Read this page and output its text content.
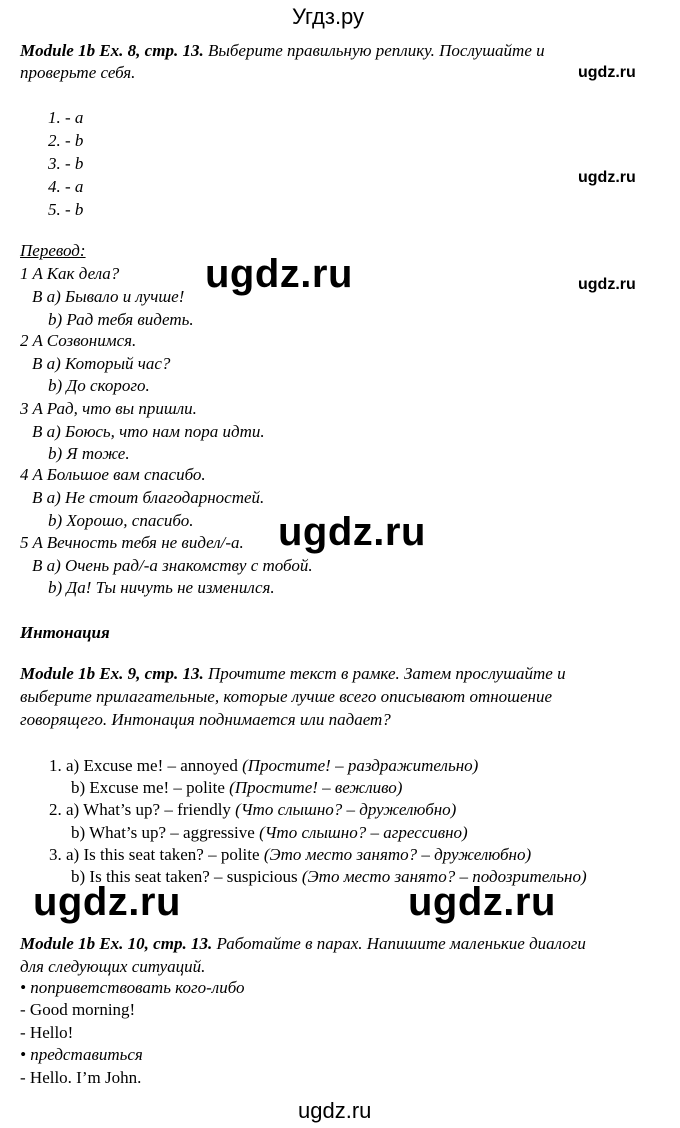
Угдз.ру
Module 1b Ex. 8, стр. 13. Выберите правильную реплику. Послушайте и
проверьте себя.
1. - a
2. - b
3. - b
4. - a
5. - b
Перевод:
1 A Как дела?
B a) Бывало и лучше!
b) Рад тебя видеть.
2 A Созвонимся.
B a) Который час?
b) До скорого.
3 A Рад, что вы пришли.
B a) Боюсь, что нам пора идти.
b) Я тоже.
4 A Большое вам спасибо.
B a) Не стоит благодарностей.
b) Хорошо, спасибо.
5 A Вечность тебя не видел/-а.
B a) Очень рад/-а знакомству с тобой.
b) Да! Ты ничуть не изменился.
Интонация
Module 1b Ex. 9, стр. 13. Прочтите текст в рамке. Затем прослушайте и
выберите прилагательные, которые лучше всего описывают отношение
говорящего. Интонация поднимается или падает?
1. a) Excuse me! – annoyed (Простите! – раздражительно)
b) Excuse me! – polite (Простите! – вежливо)
2. a) What’s up? – friendly (Что слышно? – дружелюбно)
b) What’s up? – aggressive (Что слышно? – агрессивно)
3. a) Is this seat taken? – polite (Это место занято? – дружелюбно)
b) Is this seat taken? – suspicious (Это место занято? – подозрительно)
Module 1b Ex. 10, стр. 13. Работайте в парах. Напишите маленькие диалоги
для следующих ситуаций.
• поприветствовать кого-либо
- Good morning!
- Hello!
• представиться
- Hello. I’m John.
ugdz.ru
ugdz.ru
ugdz.ru
ugdz.ru
ugdz.ru
ugdz.ru	ugdz.ru
ugdz.ru
